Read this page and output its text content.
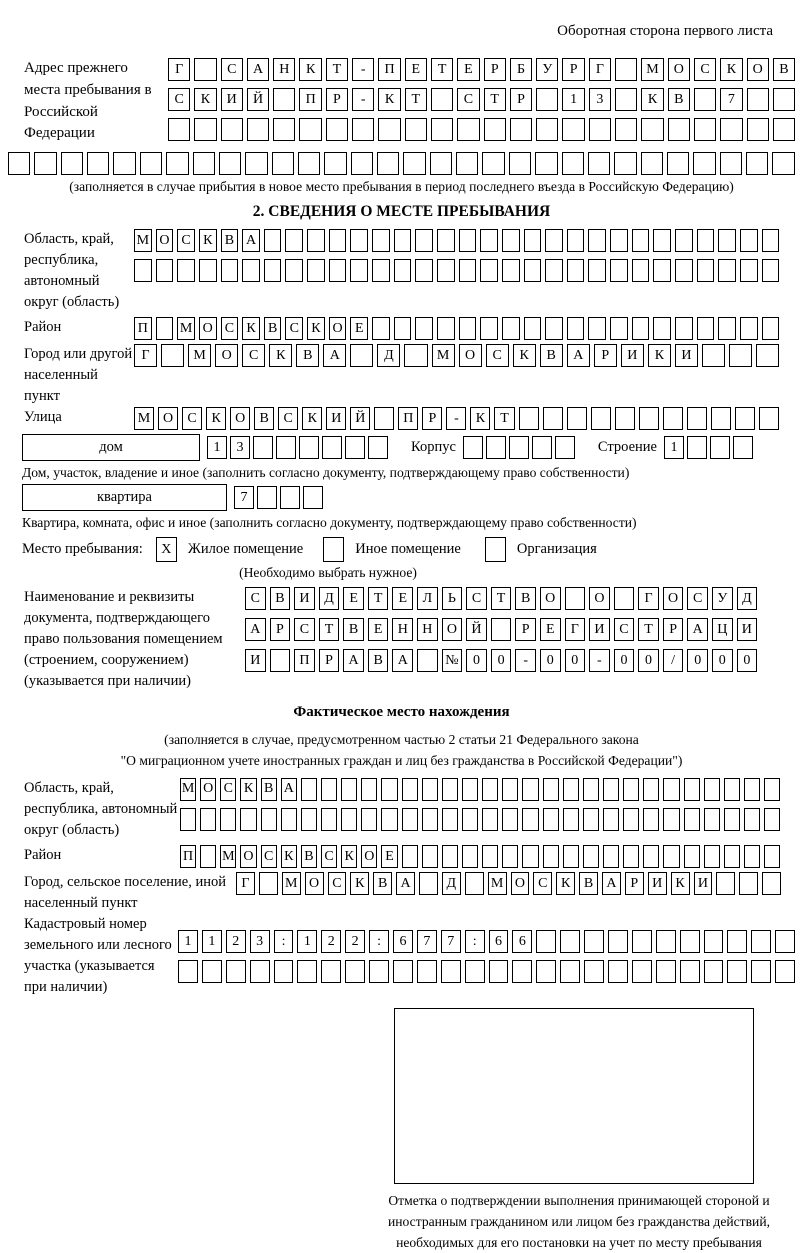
Оборотная сторона первого листа
Адрес прежнего места пребывания в Российской Федерации
Г	С	А	Н	К	Т	-	П	Е	Т	Е	Р	Б	У	Р	Г	М	О	С	К	О	В
С	К	И	Й	П	Р	-	К	Т	С	Т	Р	1	3	К	В	7
(заполняется в случае прибытия в новое место пребывания в период последнего въезда в Российскую Федерацию)
2. СВЕДЕНИЯ О МЕСТЕ ПРЕБЫВАНИЯ
Область, край, республика, автономный округ (область)
М О С К В А
Район	П М О С К В С К О Е
Город или другой населенный пункт
Г	М	О	С	К	В	А	Д	М	О	С	К	В	А	Р	И	К	И
Улица	М О	С	К	О	В	С	К	И Й	П	Р	-	К	Т
дом	1	3	Корпус	Строение 1
Дом, участок, владение и иное (заполнить согласно документу, подтверждающему право собственности)
квартира	7
Квартира, комната, офис и иное (заполнить согласно документу, подтверждающему право собственности)
Место пребывания:	X	Жилое помещение	Иное помещение	Организация
(Необходимо выбрать нужное)
Наименование и реквизиты документа, подтверждающего право пользования помещением (строением, сооружением) (указывается при наличии)
С	В	И	Д	Е	Т	Е	Л	Ь	С	Т	В	О	О	Г	О	С	У	Д
А	Р	С	Т	В	Е	Н	Н	О	Й	Р	Е	Г	И	С	Т	Р	А	Ц	И
И	П	Р	А	В	А	№	0	0	-	0	0	-	0	0	/	0	0	0
Фактическое место нахождения
(заполняется в случае, предусмотренном частью 2 статьи 21 Федерального закона
"О миграционном учете иностранных граждан и лиц без гражданства в Российской Федерации")
Область, край, республика, автономный округ (область)
М О С К В А
Район	П М О С К В С К О Е
Город, сельское поселение, иной населенный пункт
Г	М О С К В А	Д	М О С К В А Р И К И
Кадастровый номер земельного или лесного участка (указывается при наличии)
1	1	2	3	:	1	2	2	:	6	7	7	:	6	6
Отметка о подтверждении выполнения принимающей стороной и иностранным гражданином или лицом без гражданства действий, необходимых для его постановки на учет по месту пребывания
